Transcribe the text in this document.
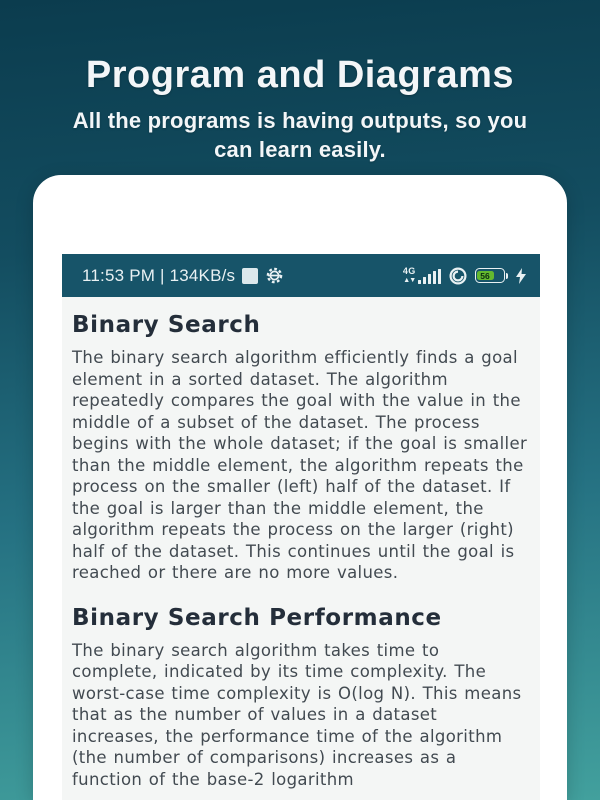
Program and Diagrams

All the programs is having outputs, so you can learn easily.

11:53 PM | 134KB/s	4G
▲▼	56
Binary Search

The binary search algorithm efficiently finds a goal element in a sorted dataset. The algorithm repeatedly compares the goal with the value in the middle of a subset of the dataset. The process begins with the whole dataset; if the goal is smaller than the middle element, the algorithm repeats the process on the smaller (left) half of the dataset. If the goal is larger than the middle element, the algorithm repeats the process on the larger (right) half of the dataset. This continues until the goal is reached or there are no more values.

Binary Search Performance

The binary search algorithm takes time to complete, indicated by its time complexity. The worst-case time complexity is O(log N). This means that as the number of values in a dataset increases, the performance time of the algorithm (the number of comparisons) increases as a function of the base-2 logarithm
